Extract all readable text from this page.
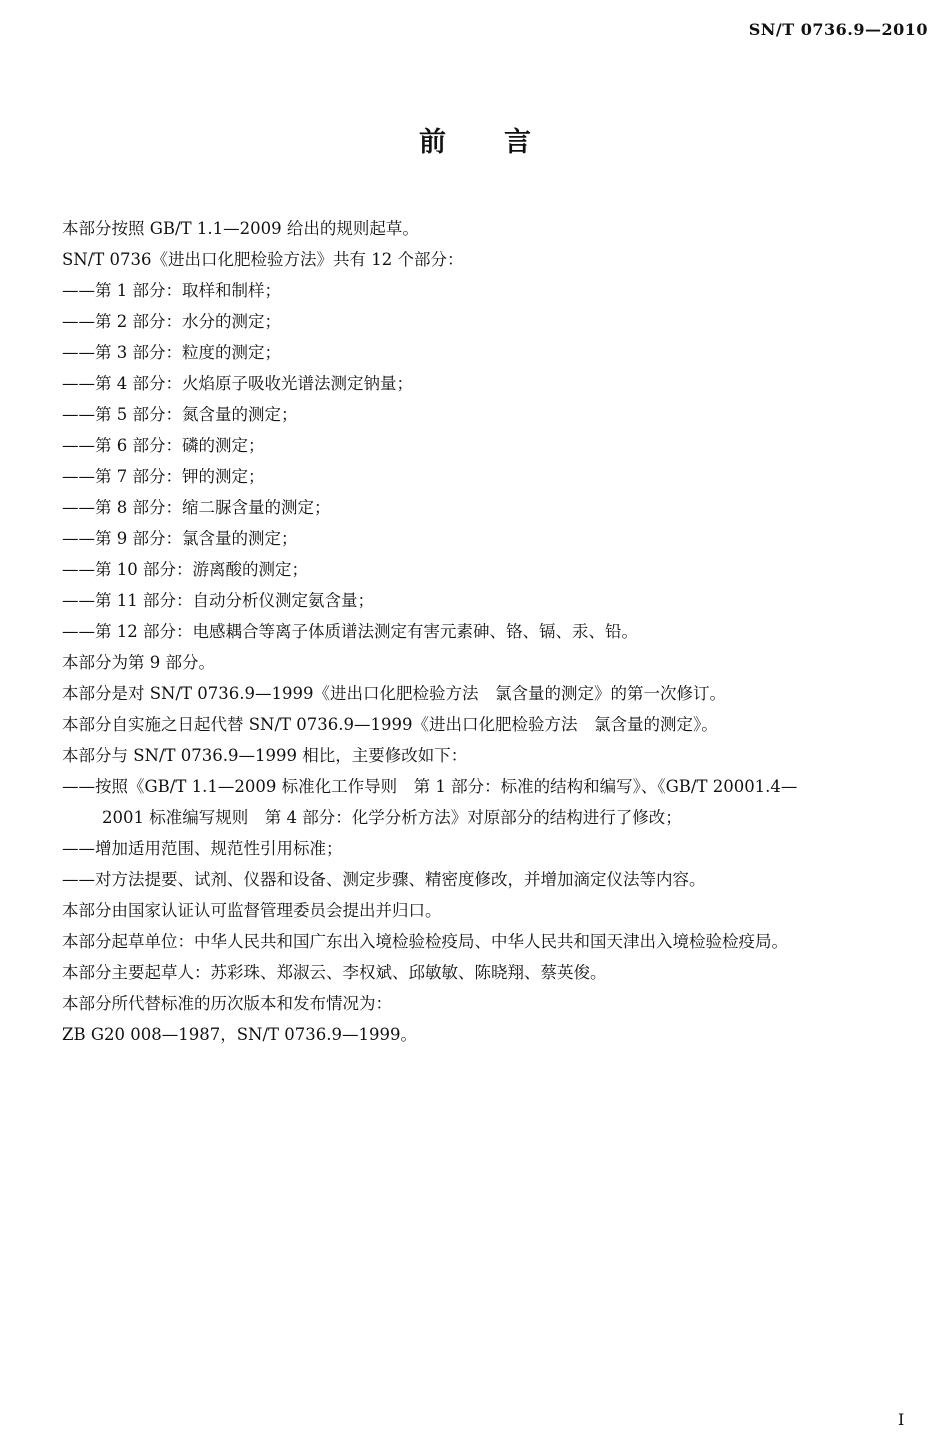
SN/T 0736.9—2010
前言

本部分按照 GB/T 1.1—2009 给出的规则起草。

SN/T 0736《进出口化肥检验方法》共有 12 个部分：

——第 1 部分：取样和制样；

——第 2 部分：水分的测定；

——第 3 部分：粒度的测定；

——第 4 部分：火焰原子吸收光谱法测定钠量；

——第 5 部分：氮含量的测定；

——第 6 部分：磷的测定；

——第 7 部分：钾的测定；

——第 8 部分：缩二脲含量的测定；

——第 9 部分：氯含量的测定；

——第 10 部分：游离酸的测定；

——第 11 部分：自动分析仪测定氨含量；

——第 12 部分：电感耦合等离子体质谱法测定有害元素砷、铬、镉、汞、铅。

本部分为第 9 部分。

本部分是对 SN/T 0736.9—1999《进出口化肥检验方法　氯含量的测定》的第一次修订。

本部分自实施之日起代替 SN/T 0736.9—1999《进出口化肥检验方法　氯含量的测定》。

本部分与 SN/T 0736.9—1999 相比，主要修改如下：

——按照《GB/T 1.1—2009 标准化工作导则　第 1 部分：标准的结构和编写》、《GB/T 20001.4—

2001 标准编写规则　第 4 部分：化学分析方法》对原部分的结构进行了修改；

——增加适用范围、规范性引用标准；

——对方法提要、试剂、仪器和设备、测定步骤、精密度修改，并增加滴定仪法等内容。

本部分由国家认证认可监督管理委员会提出并归口。

本部分起草单位：中华人民共和国广东出入境检验检疫局、中华人民共和国天津出入境检验检疫局。

本部分主要起草人：苏彩珠、郑淑云、李权斌、邱敏敏、陈晓翔、蔡英俊。

本部分所代替标准的历次版本和发布情况为：

ZB G20 008—1987，SN/T 0736.9—1999。

I
